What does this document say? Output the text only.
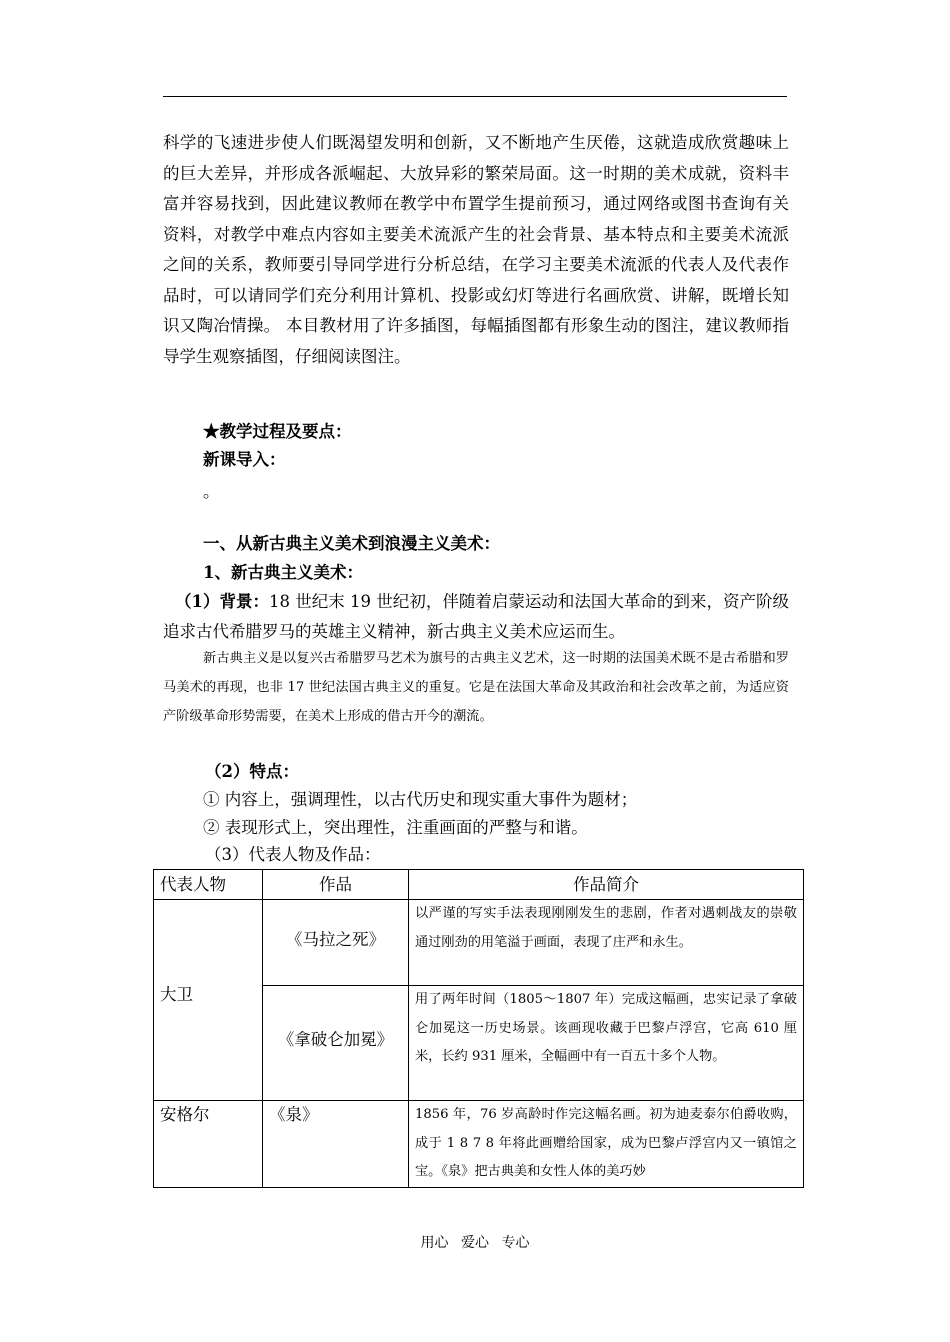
科学的飞速进步使人们既渴望发明和创新，又不断地产生厌倦，这就造成欣赏趣味上的巨大差异，并形成各派崛起、大放异彩的繁荣局面。这一时期的美术成就，资料丰富并容易找到，因此建议教师在教学中布置学生提前预习，通过网络或图书查询有关资料，对教学中难点内容如主要美术流派产生的社会背景、基本特点和主要美术流派之间的关系，教师要引导同学进行分析总结，在学习主要美术流派的代表人及代表作品时，可以请同学们充分利用计算机、投影或幻灯等进行名画欣赏、讲解，既增长知识又陶冶情操。 本目教材用了许多插图，每幅插图都有形象生动的图注，建议教师指导学生观察插图，仔细阅读图注。
★教学过程及要点：
新课导入：
。
一、从新古典主义美术到浪漫主义美术：
1、新古典主义美术：
（1）背景：18 世纪末 19 世纪初，伴随着启蒙运动和法国大革命的到来，资产阶级追求古代希腊罗马的英雄主义精神，新古典主义美术应运而生。
新古典主义是以复兴古希腊罗马艺术为旗号的古典主义艺术，这一时期的法国美术既不是古希腊和罗马美术的再现，也非 17 世纪法国古典主义的重复。它是在法国大革命及其政治和社会改革之前，为适应资产阶级革命形势需要，在美术上形成的借古开今的潮流。
（2）特点：
① 内容上，强调理性，以古代历史和现实重大事件为题材；
② 表现形式上，突出理性，注重画面的严整与和谐。
（3）代表人物及作品：
代表人物	作品	作品简介
大卫	《马拉之死》	以严谨的写实手法表现刚刚发生的悲剧，作者对遇刺战友的崇敬通过刚劲的用笔溢于画面，表现了庄严和永生。
	《拿破仑加冕》	用了两年时间（1805～1807 年）完成这幅画，忠实记录了拿破仑加冕这一历史场景。该画现收藏于巴黎卢浮宫，它高 610 厘米，长约 931 厘米，全幅画中有一百五十多个人物。
安格尔	《泉》	1856 年，76 岁高龄时作完这幅名画。初为迪麦泰尔伯爵收购，成于 1 8 7 8 年将此画赠给国家，成为巴黎卢浮宫内又一镇馆之宝。《泉》把古典美和女性人体的美巧妙
用心 爱心 专心
